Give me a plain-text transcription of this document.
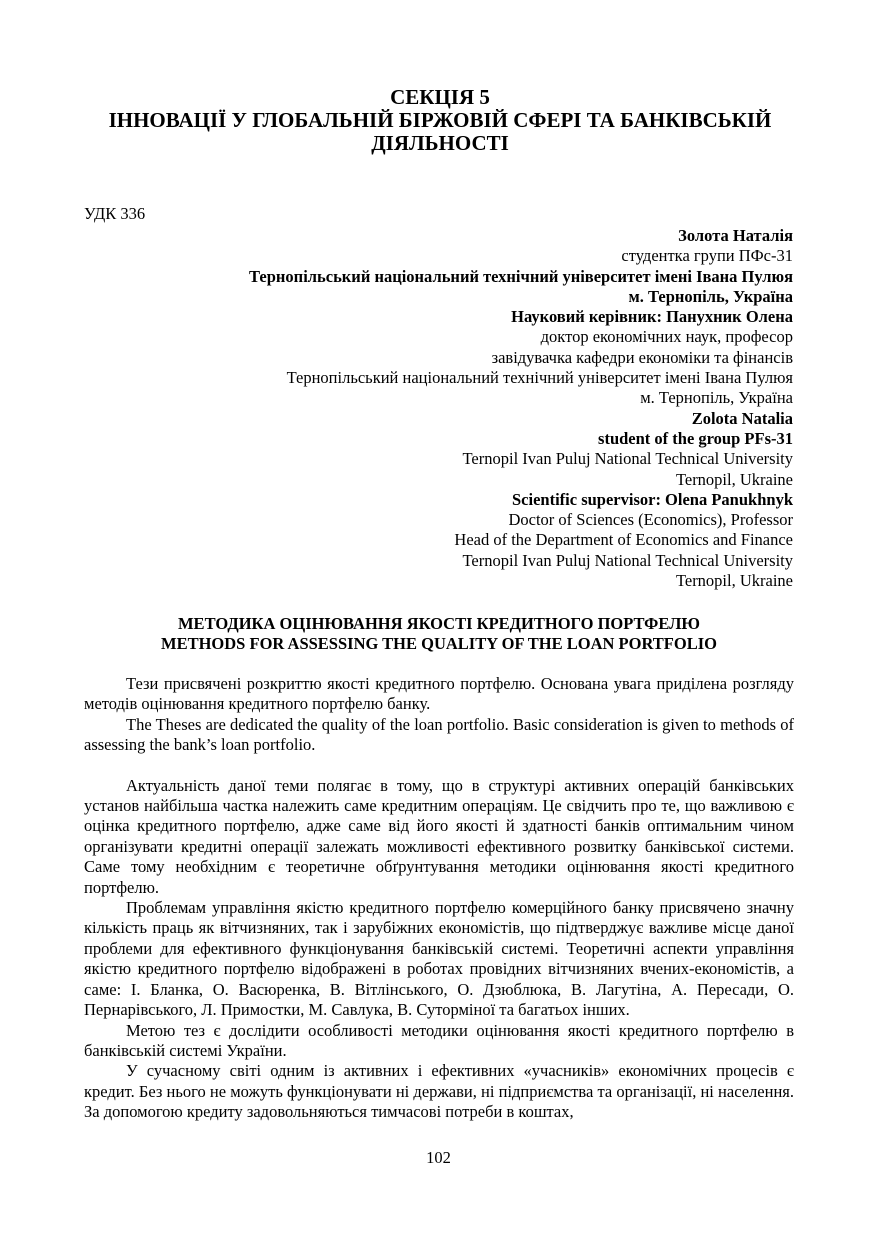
СЕКЦІЯ 5
ІННОВАЦІЇ У ГЛОБАЛЬНІЙ БІРЖОВІЙ СФЕРІ ТА БАНКІВСЬКІЙ
ДІЯЛЬНОСТІ
УДК 336
Золота Наталія
студентка групи ПФс-31
Тернопільський національний технічний університет імені Івана Пулюя
м. Тернопіль, Україна
Науковий керівник: Панухник Олена
доктор економічних наук, професор
завідувачка кафедри економіки та фінансів
Тернопільський національний технічний університет імені Івана Пулюя
м. Тернопіль, Україна
Zolota Natalia
student of the group PFs-31
Ternopil Ivan Puluj National Technical University
Ternopil, Ukraine
Scientific supervisor: Olena Panukhnyk
Doctor of Sciences (Economics), Professor
Head of the Department of Economics and Finance
Ternopil Ivan Puluj National Technical University
Ternopil, Ukraine
МЕТОДИКА ОЦІНЮВАННЯ ЯКОСТІ КРЕДИТНОГО ПОРТФЕЛЮ
METHODS FOR ASSESSING THE QUALITY OF THE LOAN PORTFOLIO

Тези присвячені розкриттю якості кредитного портфелю. Основана увага приділена розгляду методів оцінювання кредитного портфелю банку.

The Theses are dedicated the quality of the loan portfolio. Basic consideration is given to methods of assessing the bank’s loan portfolio.

Актуальність даної теми полягає в тому, що в структурі активних операцій банківських установ найбільша частка належить саме кредитним операціям. Це свідчить про те, що важливою є оцінка кредитного портфелю, адже саме від його якості й здатності банків оптимальним чином організувати кредитні операції залежать можливості ефективного розвитку банківської системи. Саме тому необхідним є теоретичне обґрунтування методики оцінювання якості кредитного портфелю.

Проблемам управління якістю кредитного портфелю комерційного банку присвячено значну кількість праць як вітчизняних, так і зарубіжних економістів, що підтверджує важливе місце даної проблеми для ефективного функціонування банківській системі. Теоретичні аспекти управління якістю кредитного портфелю відображені в роботах провідних вітчизняних вчених-економістів, а саме: І. Бланка, О. Васюренка, В. Вітлінського, О. Дзюблюка, В. Лагутіна, А. Пересади, О. Пернарівського, Л. Примостки, М. Савлука, В. Суторміної та багатьох інших.

Метою тез є дослідити особливості методики оцінювання якості кредитного портфелю в банківській системі України.

У сучасному світі одним із активних і ефективних «учасників» економічних процесів є кредит. Без нього не можуть функціонувати ні держави, ні підприємства та організації, ні населення. За допомогою кредиту задовольняються тимчасові потреби в коштах,

102
